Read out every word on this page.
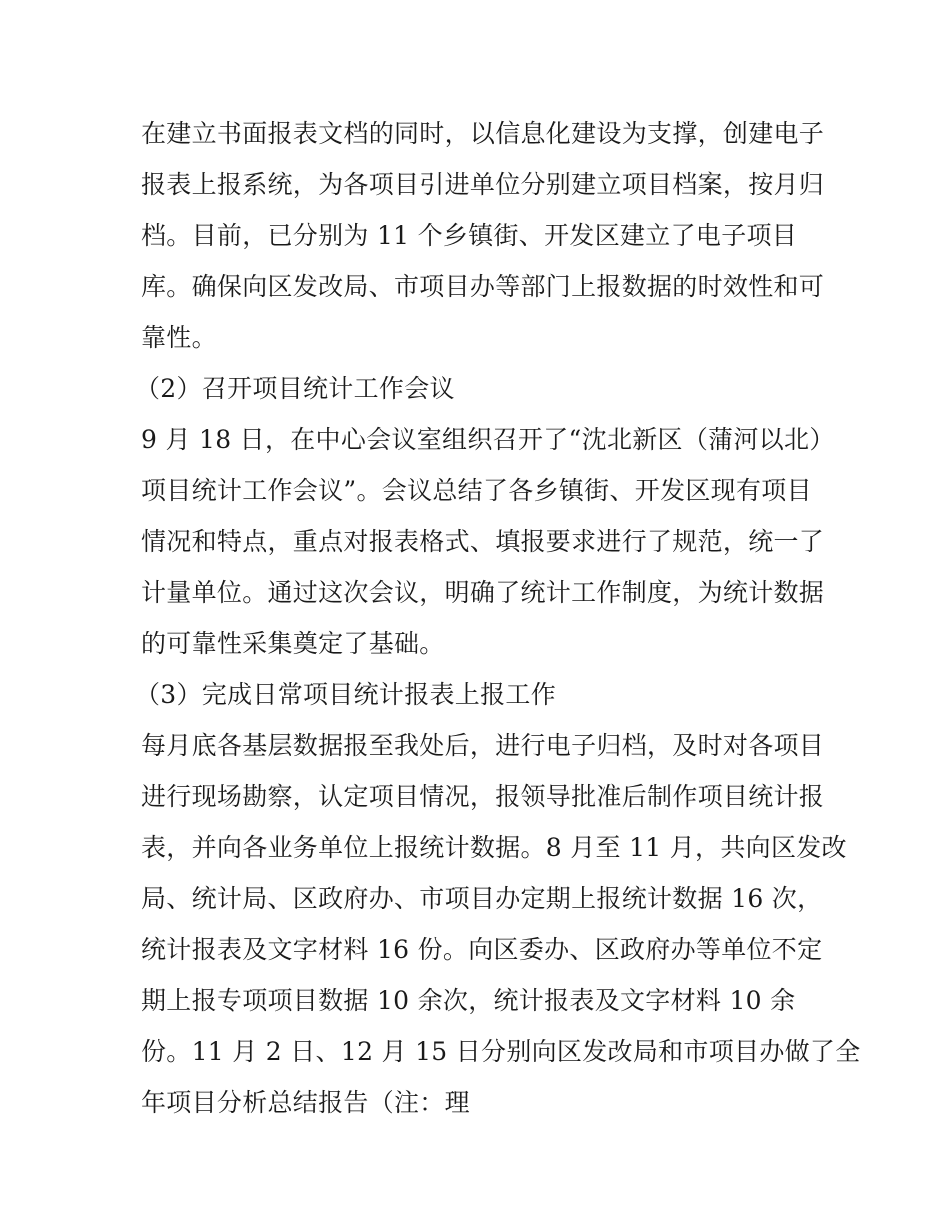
在建立书面报表文档的同时，以信息化建设为支撑，创建电子
报表上报系统，为各项目引进单位分别建立项目档案，按月归
档。目前，已分别为 11 个乡镇街、开发区建立了电子项目
库。确保向区发改局、市项目办等部门上报数据的时效性和可
靠性。
（2）召开项目统计工作会议
9 月 18 日，在中心会议室组织召开了“沈北新区（蒲河以北）
项目统计工作会议”。会议总结了各乡镇街、开发区现有项目
情况和特点，重点对报表格式、填报要求进行了规范，统一了
计量单位。通过这次会议，明确了统计工作制度，为统计数据
的可靠性采集奠定了基础。
（3）完成日常项目统计报表上报工作
每月底各基层数据报至我处后，进行电子归档，及时对各项目
进行现场勘察，认定项目情况，报领导批准后制作项目统计报
表，并向各业务单位上报统计数据。8 月至 11 月，共向区发改
局、统计局、区政府办、市项目办定期上报统计数据 16 次，
统计报表及文字材料 16 份。向区委办、区政府办等单位不定
期上报专项项目数据 10 余次，统计报表及文字材料 10 余
份。11 月 2 日、12 月 15 日分别向区发改局和市项目办做了全
年项目分析总结报告（注：理
